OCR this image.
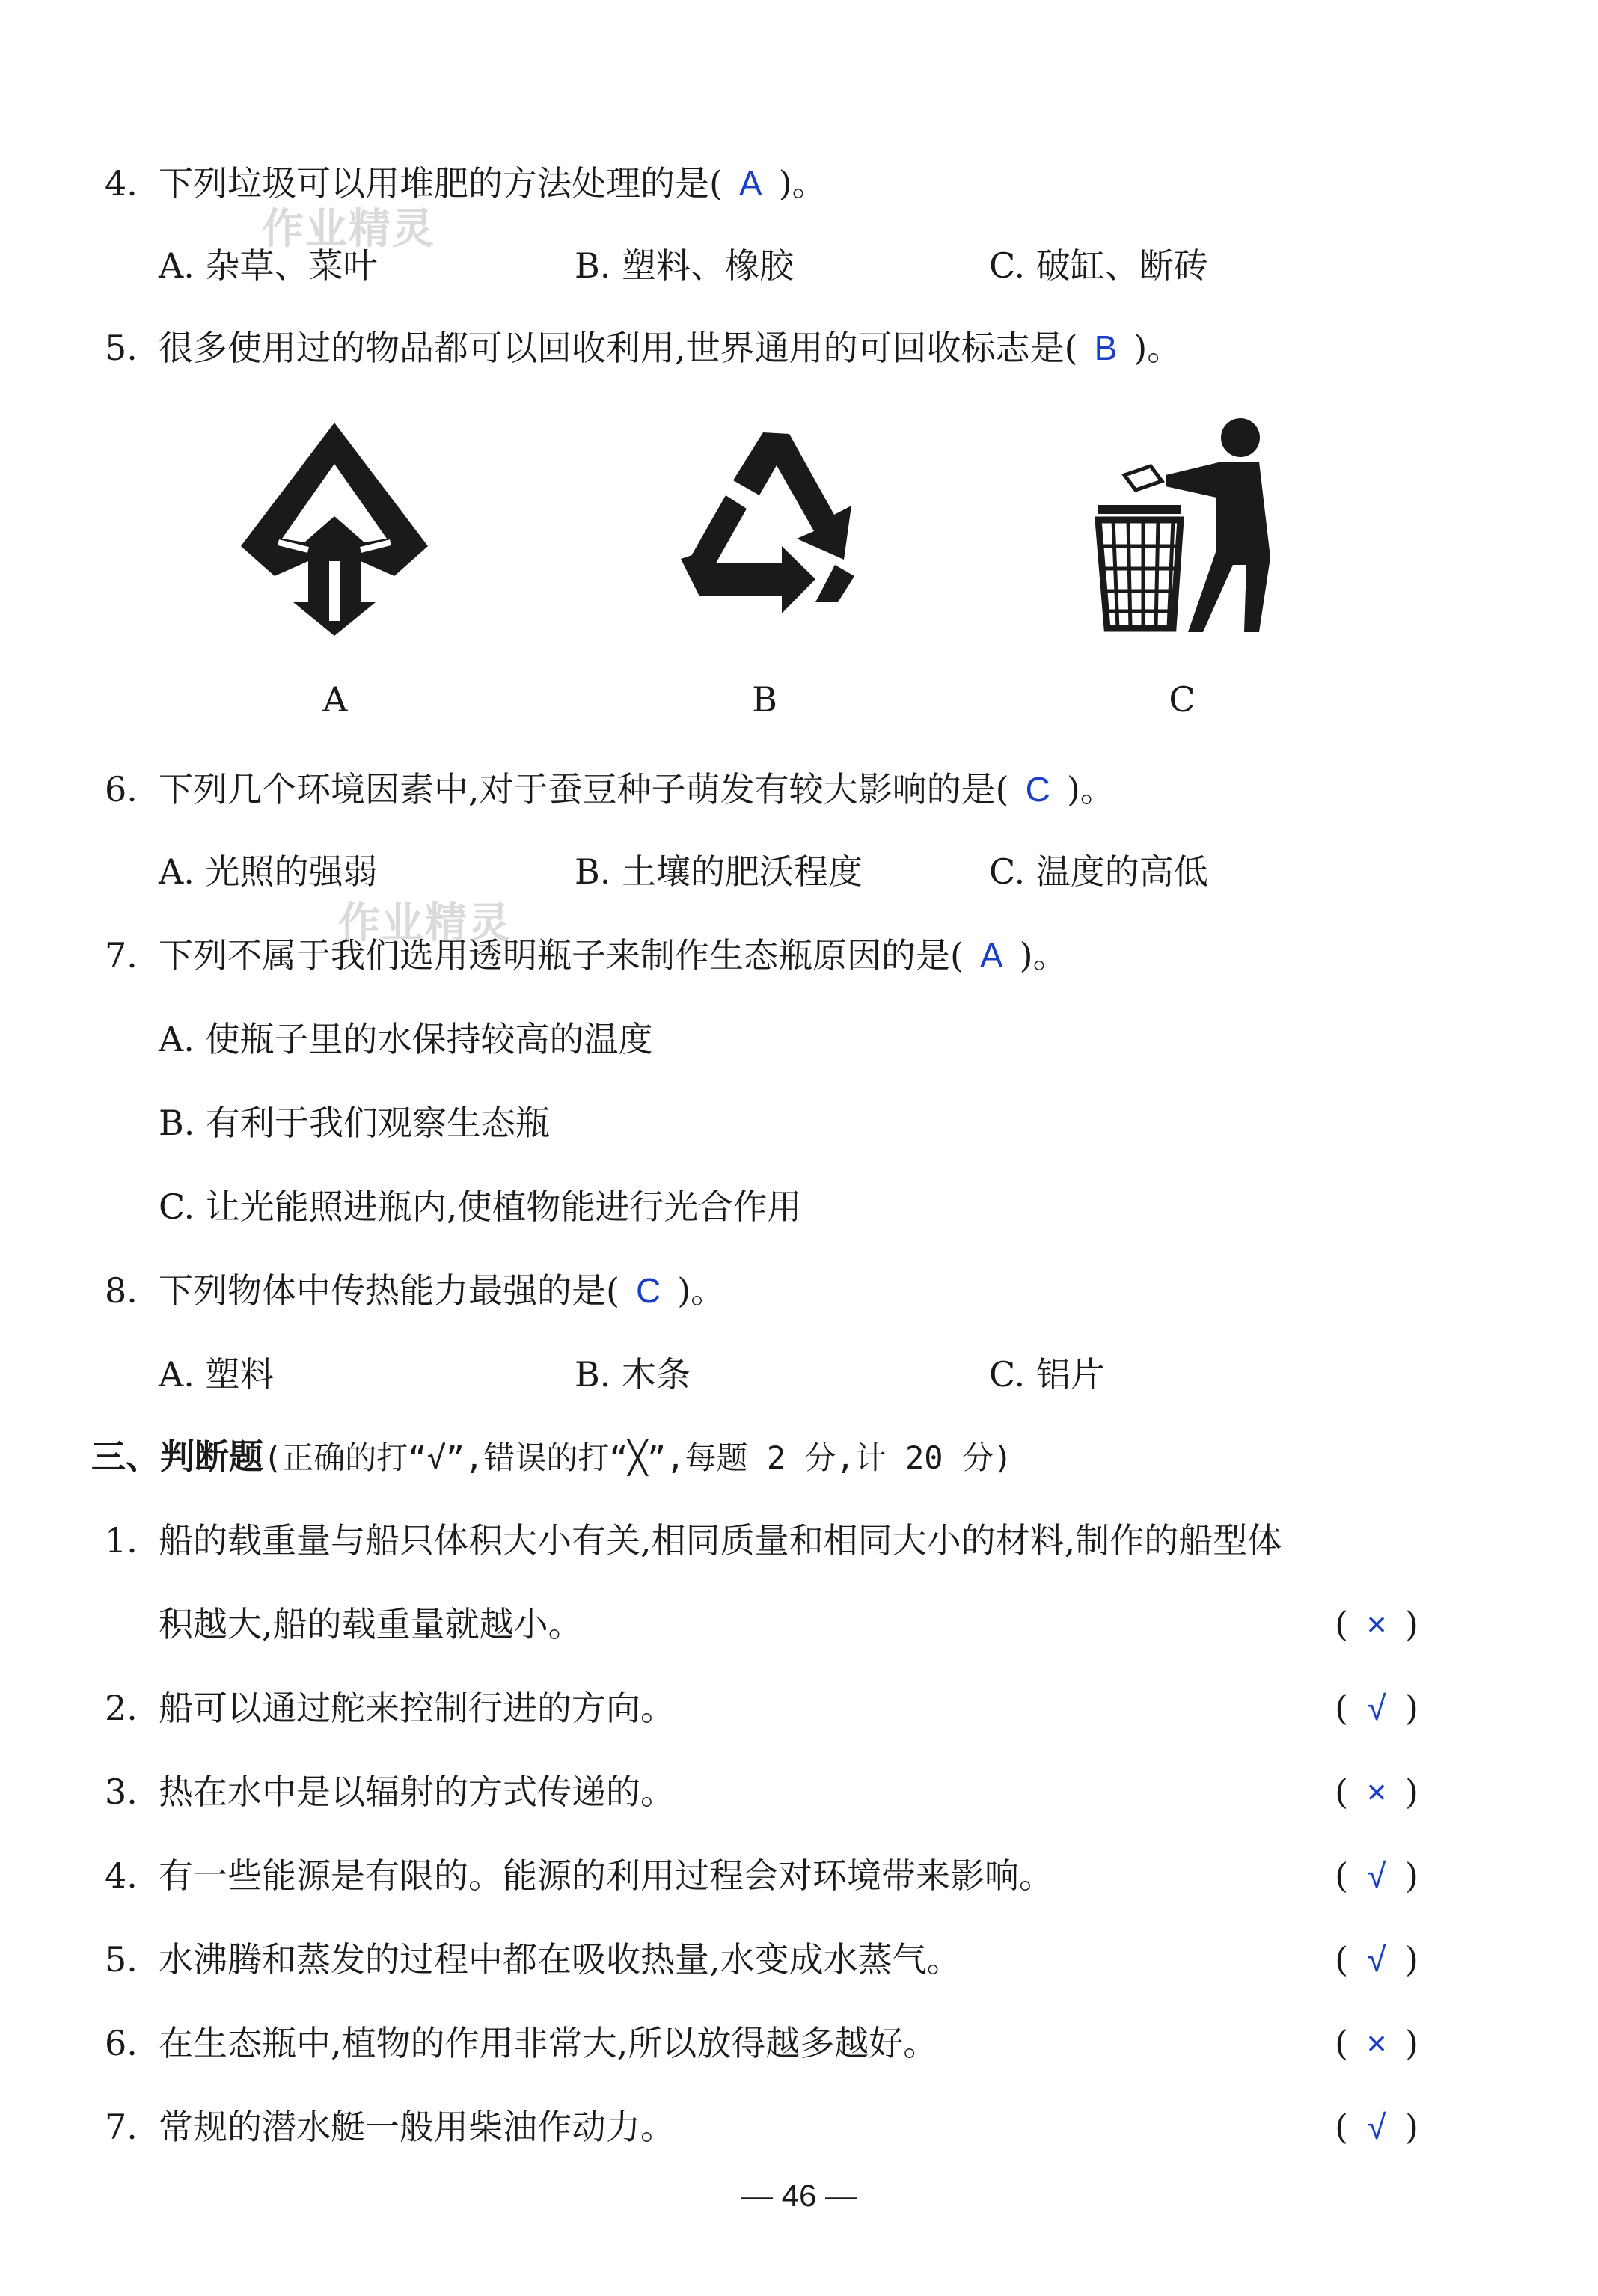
作业精灵
作业精灵
4. 下列垃圾可以用堆肥的方法处理的是( A )。
A. 杂草、菜叶	B. 塑料、橡胶	C. 破缸、断砖
5. 很多使用过的物品都可以回收利用,世界通用的可回收标志是( B )。
A	B	C
6. 下列几个环境因素中,对于蚕豆种子萌发有较大影响的是( C )。
A. 光照的强弱	B. 土壤的肥沃程度	C. 温度的高低
7. 下列不属于我们选用透明瓶子来制作生态瓶原因的是( A )。
A. 使瓶子里的水保持较高的温度
B. 有利于我们观察生态瓶
C. 让光能照进瓶内,使植物能进行光合作用
8. 下列物体中传热能力最强的是( C )。
A. 塑料	B. 木条	C. 铝片
三、判断题(正确的打“√”,错误的打“╳”,每题 2 分,计 20 分)
1. 船的载重量与船只体积大小有关,相同质量和相同大小的材料,制作的船型体
积越大,船的载重量就越小。	( × )
2. 船可以通过舵来控制行进的方向。	( √ )
3. 热在水中是以辐射的方式传递的。	( × )
4. 有一些能源是有限的。能源的利用过程会对环境带来影响。	( √ )
5. 水沸腾和蒸发的过程中都在吸收热量,水变成水蒸气。	( √ )
6. 在生态瓶中,植物的作用非常大,所以放得越多越好。	( × )
7. 常规的潜水艇一般用柴油作动力。	( √ )
— 46 —
